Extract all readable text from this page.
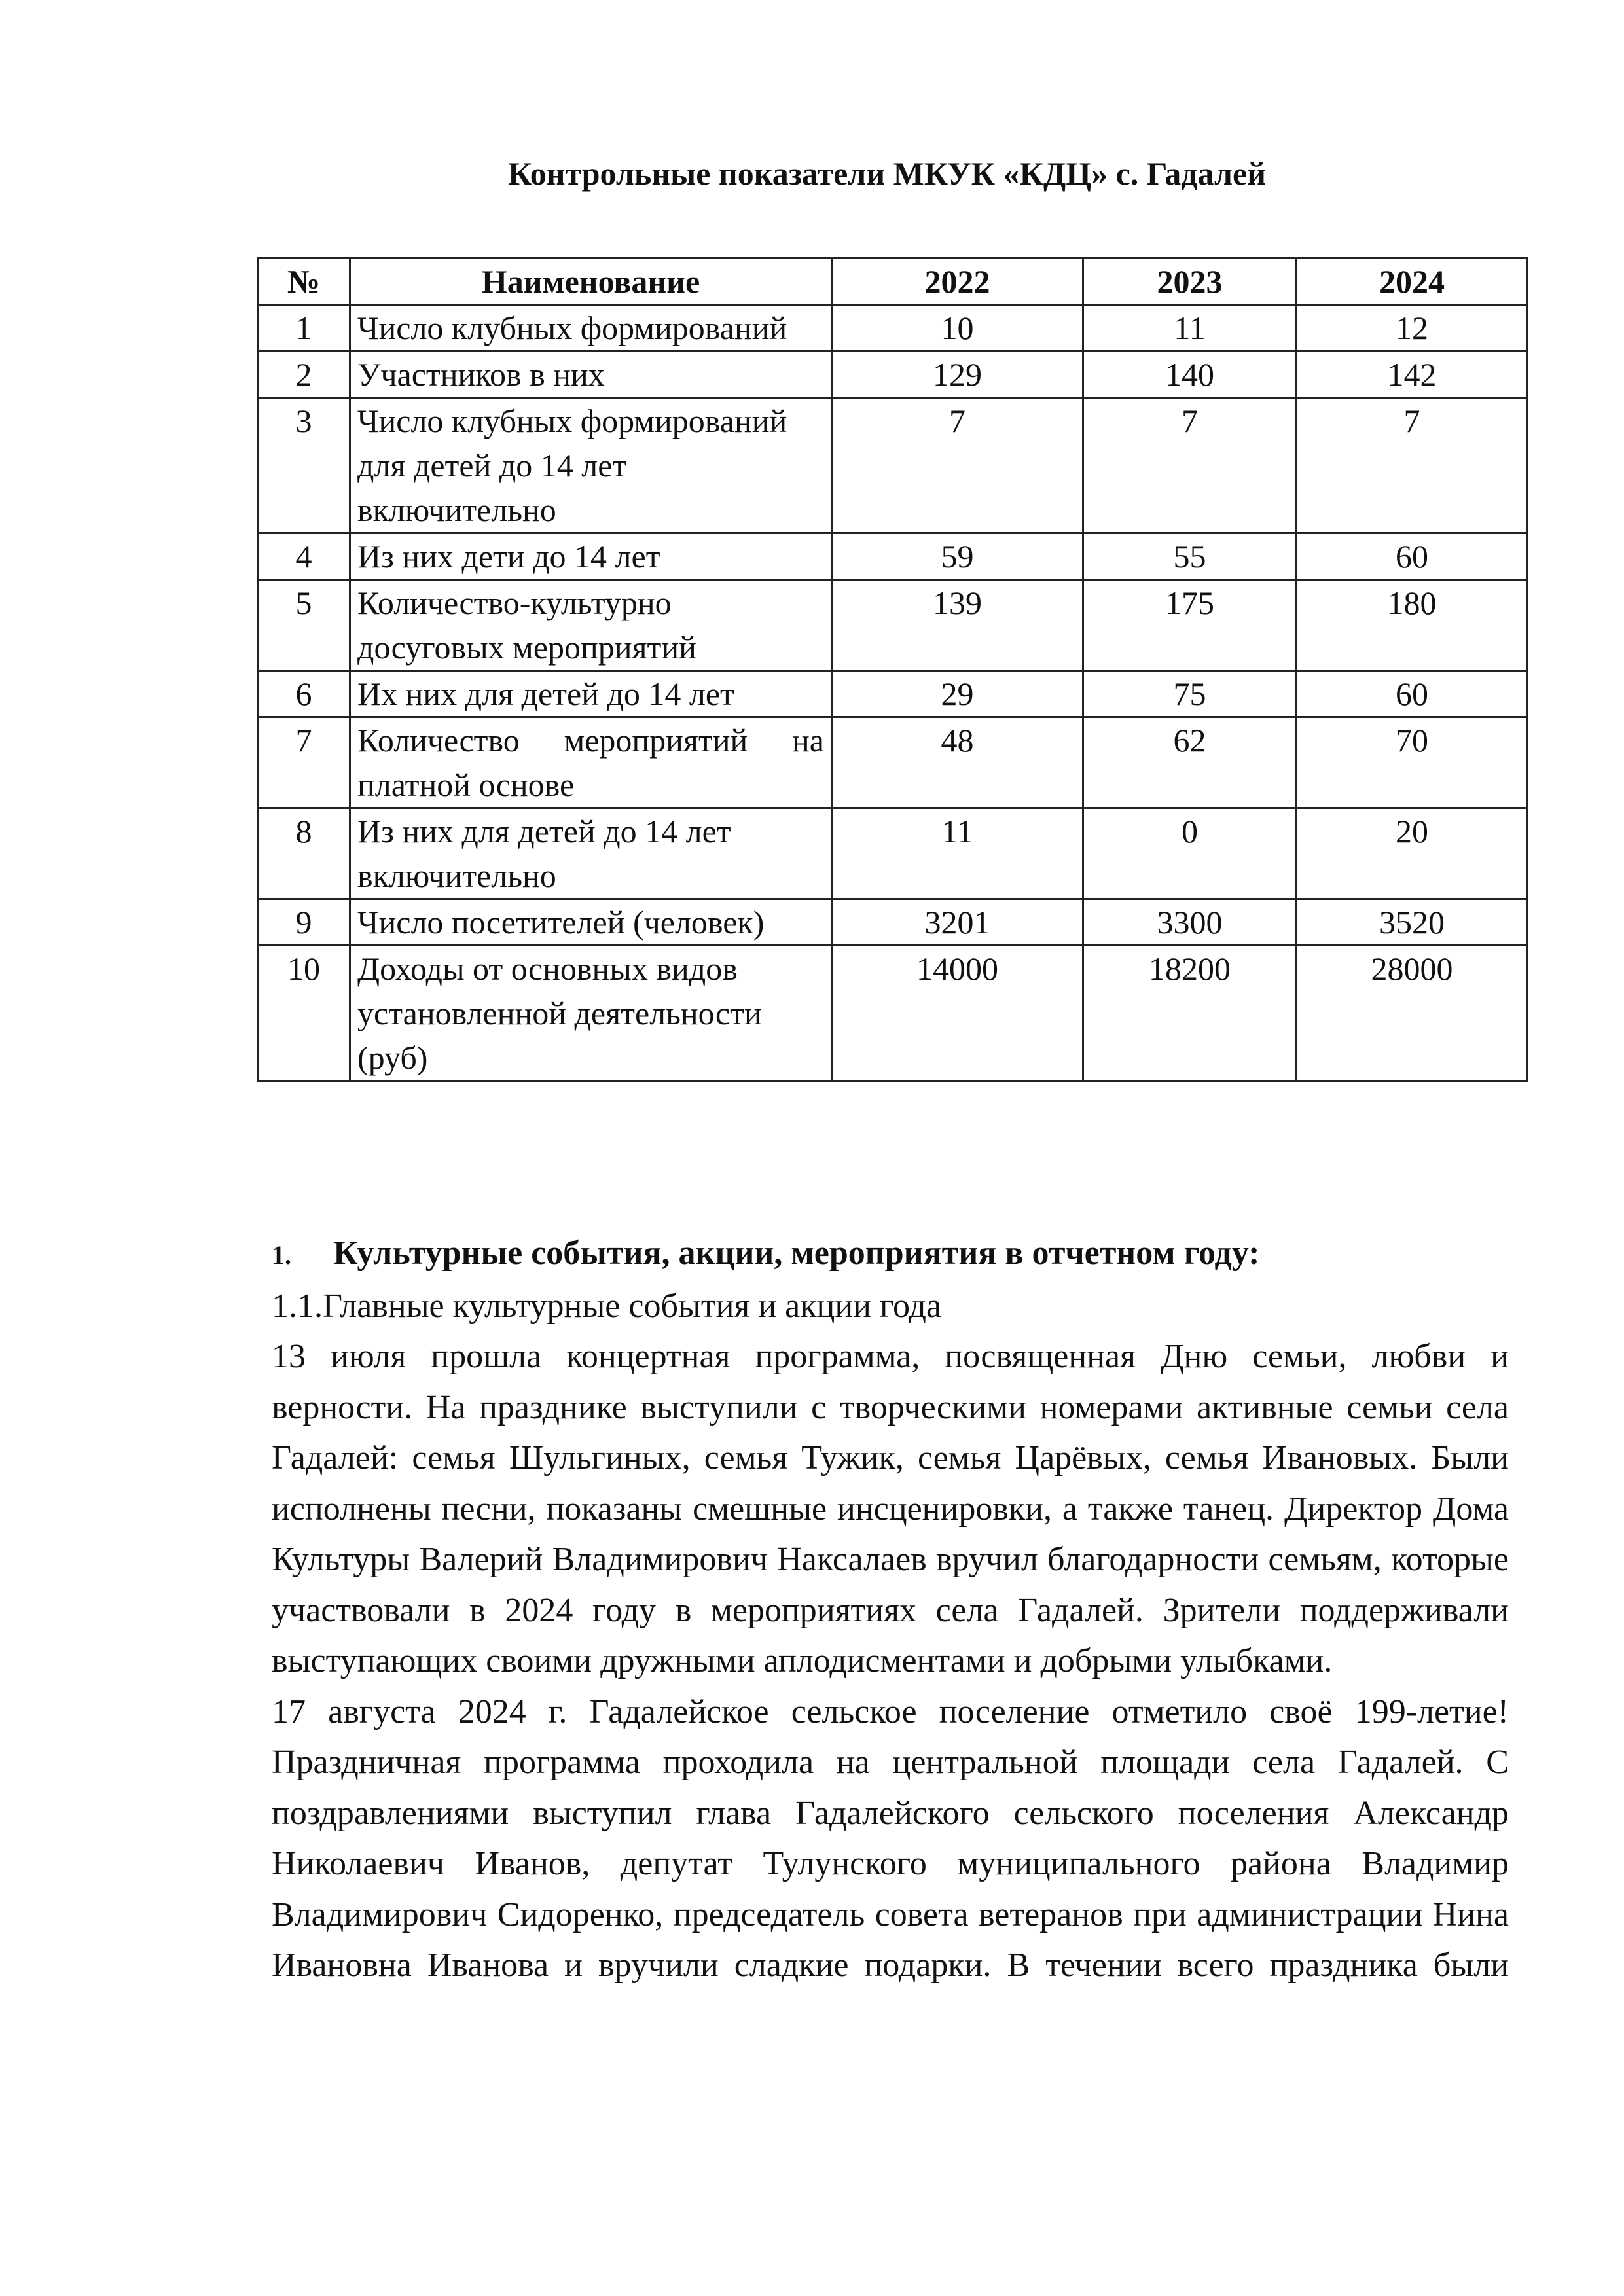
Контрольные показатели МКУК «КДЦ» с. Гадалей
№	Наименование	2022	2023	2024
1	Число клубных формирований	10	11	12
2	Участников в них	129	140	142
3	Число клубных формирований для детей до 14 лет включительно	7	7	7
4	Из них дети до 14 лет	59	55	60
5	Количество-культурно досуговых мероприятий	139	175	180
6	Их них для детей до 14 лет	29	75	60
7	Количество мероприятий на платной основе	48	62	70
8	Из них для детей до 14 лет включительно	11	0	20
9	Число посетителей (человек)	3201	3300	3520
10	Доходы от основных видов установленной деятельности (руб)	14000	18200	28000

1. Культурные события, акции, мероприятия в отчетном году:

1.1.Главные культурные события и акции года

13 июля прошла концертная программа, посвященная Дню семьи, любви и верности. На празднике выступили с творческими номерами активные семьи села Гадалей: семья Шульгиных, семья Тужик, семья Царёвых, семья Ивановых. Были исполнены песни, показаны смешные инсценировки, а также танец. Директор Дома Культуры Валерий Владимирович Наксалаев вручил благодарности семьям, которые участвовали в 2024 году в мероприятиях села Гадалей. Зрители поддерживали выступающих своими дружными аплодисментами и добрыми улыбками.

17 августа 2024 г. Гадалейское сельское поселение отметило своё 199-летие! Праздничная программа проходила на центральной площади села Гадалей. С поздравлениями выступил глава Гадалейского сельского поселения Александр Николаевич Иванов, депутат Тулунского муниципального района Владимир Владимирович Сидоренко, председатель совета ветеранов при администрации Нина Ивановна Иванова и вручили сладкие подарки. В течении всего праздника были
